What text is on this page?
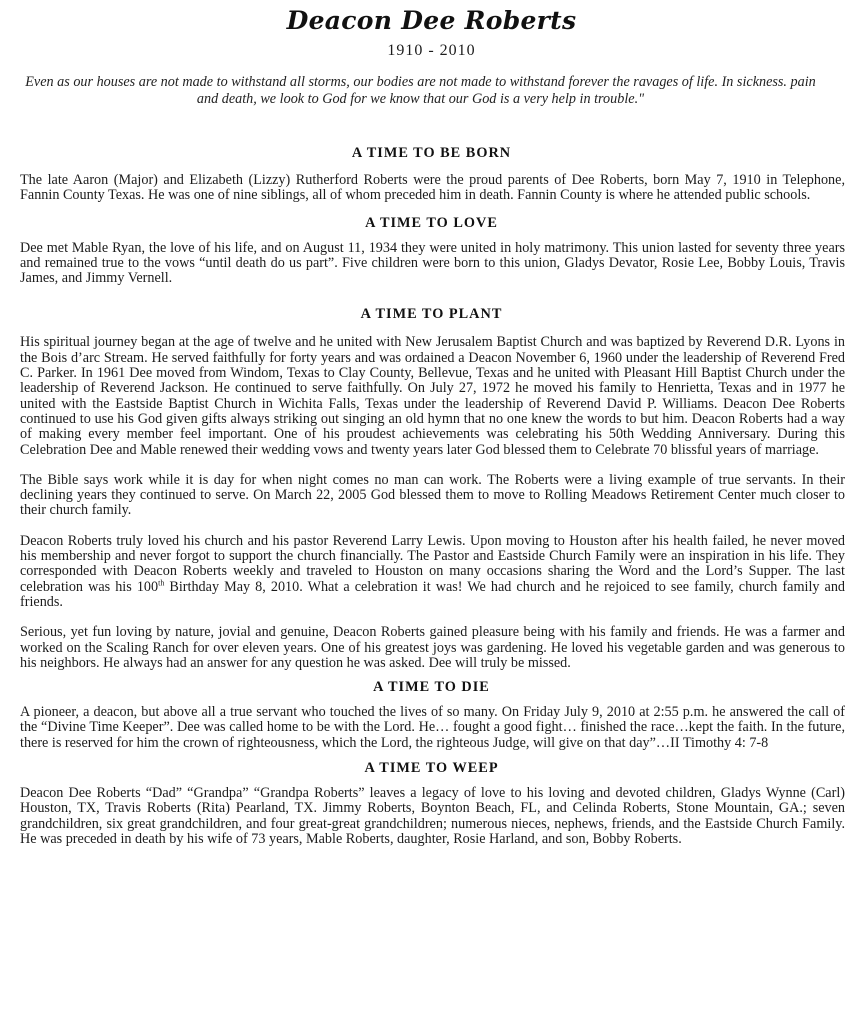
Deacon Dee Roberts
1910 - 2010
Even as our houses are not made to withstand all storms, our bodies are not made to withstand forever the ravages of life. In sickness. pain and death, we look to God for we know that our God is a very help in trouble."
A TIME TO BE BORN

The late Aaron (Major) and Elizabeth (Lizzy) Rutherford Roberts were the proud parents of Dee Roberts, born May 7, 1910 in Telephone, Fannin County Texas. He was one of nine siblings, all of whom preceded him in death. Fannin County is where he attended public schools.

A TIME TO LOVE

Dee met Mable Ryan, the love of his life, and on August 11, 1934 they were united in holy matrimony. This union lasted for seventy three years and remained true to the vows “until death do us part”. Five children were born to this union, Gladys Devator, Rosie Lee, Bobby Louis, Travis James, and Jimmy Vernell.

A TIME TO PLANT

His spiritual journey began at the age of twelve and he united with New Jerusalem Baptist Church and was baptized by Reverend D.R. Lyons in the Bois d’arc Stream. He served faithfully for forty years and was ordained a Deacon November 6, 1960 under the leadership of Reverend Fred C. Parker. In 1961 Dee moved from Windom, Texas to Clay County, Bellevue, Texas and he united with Pleasant Hill Baptist Church under the leadership of Reverend Jackson. He continued to serve faithfully. On July 27, 1972 he moved his family to Henrietta, Texas and in 1977 he united with the Eastside Baptist Church in Wichita Falls, Texas under the leadership of Reverend David P. Williams. Deacon Dee Roberts continued to use his God given gifts always striking out singing an old hymn that no one knew the words to but him. Deacon Roberts had a way of making every member feel important. One of his proudest achievements was celebrating his 50th Wedding Anniversary. During this Celebration Dee and Mable renewed their wedding vows and twenty years later God blessed them to Celebrate 70 blissful years of marriage.

The Bible says work while it is day for when night comes no man can work. The Roberts were a living example of true servants. In their declining years they continued to serve. On March 22, 2005 God blessed them to move to Rolling Meadows Retirement Center much closer to their church family.

Deacon Roberts truly loved his church and his pastor Reverend Larry Lewis. Upon moving to Houston after his health failed, he never moved his membership and never forgot to support the church financially. The Pastor and Eastside Church Family were an inspiration in his life. They corresponded with Deacon Roberts weekly and traveled to Houston on many occasions sharing the Word and the Lord’s Supper. The last celebration was his 100th Birthday May 8, 2010. What a celebration it was! We had church and he rejoiced to see family, church family and friends.

Serious, yet fun loving by nature, jovial and genuine, Deacon Roberts gained pleasure being with his family and friends. He was a farmer and worked on the Scaling Ranch for over eleven years. One of his greatest joys was gardening. He loved his vegetable garden and was generous to his neighbors. He always had an answer for any question he was asked. Dee will truly be missed.

A TIME TO DIE

A pioneer, a deacon, but above all a true servant who touched the lives of so many. On Friday July 9, 2010 at 2:55 p.m. he answered the call of the “Divine Time Keeper”. Dee was called home to be with the Lord. He… fought a good fight… finished the race…kept the faith. In the future, there is reserved for him the crown of righteousness, which the Lord, the righteous Judge, will give on that day”…II Timothy 4: 7-8

A TIME TO WEEP

Deacon Dee Roberts “Dad” “Grandpa” “Grandpa Roberts” leaves a legacy of love to his loving and devoted children, Gladys Wynne (Carl) Houston, TX, Travis Roberts (Rita) Pearland, TX. Jimmy Roberts, Boynton Beach, FL, and Celinda Roberts, Stone Mountain, GA.; seven grandchildren, six great grandchildren, and four great-great grandchildren; numerous nieces, nephews, friends, and the Eastside Church Family. He was preceded in death by his wife of 73 years, Mable Roberts, daughter, Rosie Harland, and son, Bobby Roberts.
